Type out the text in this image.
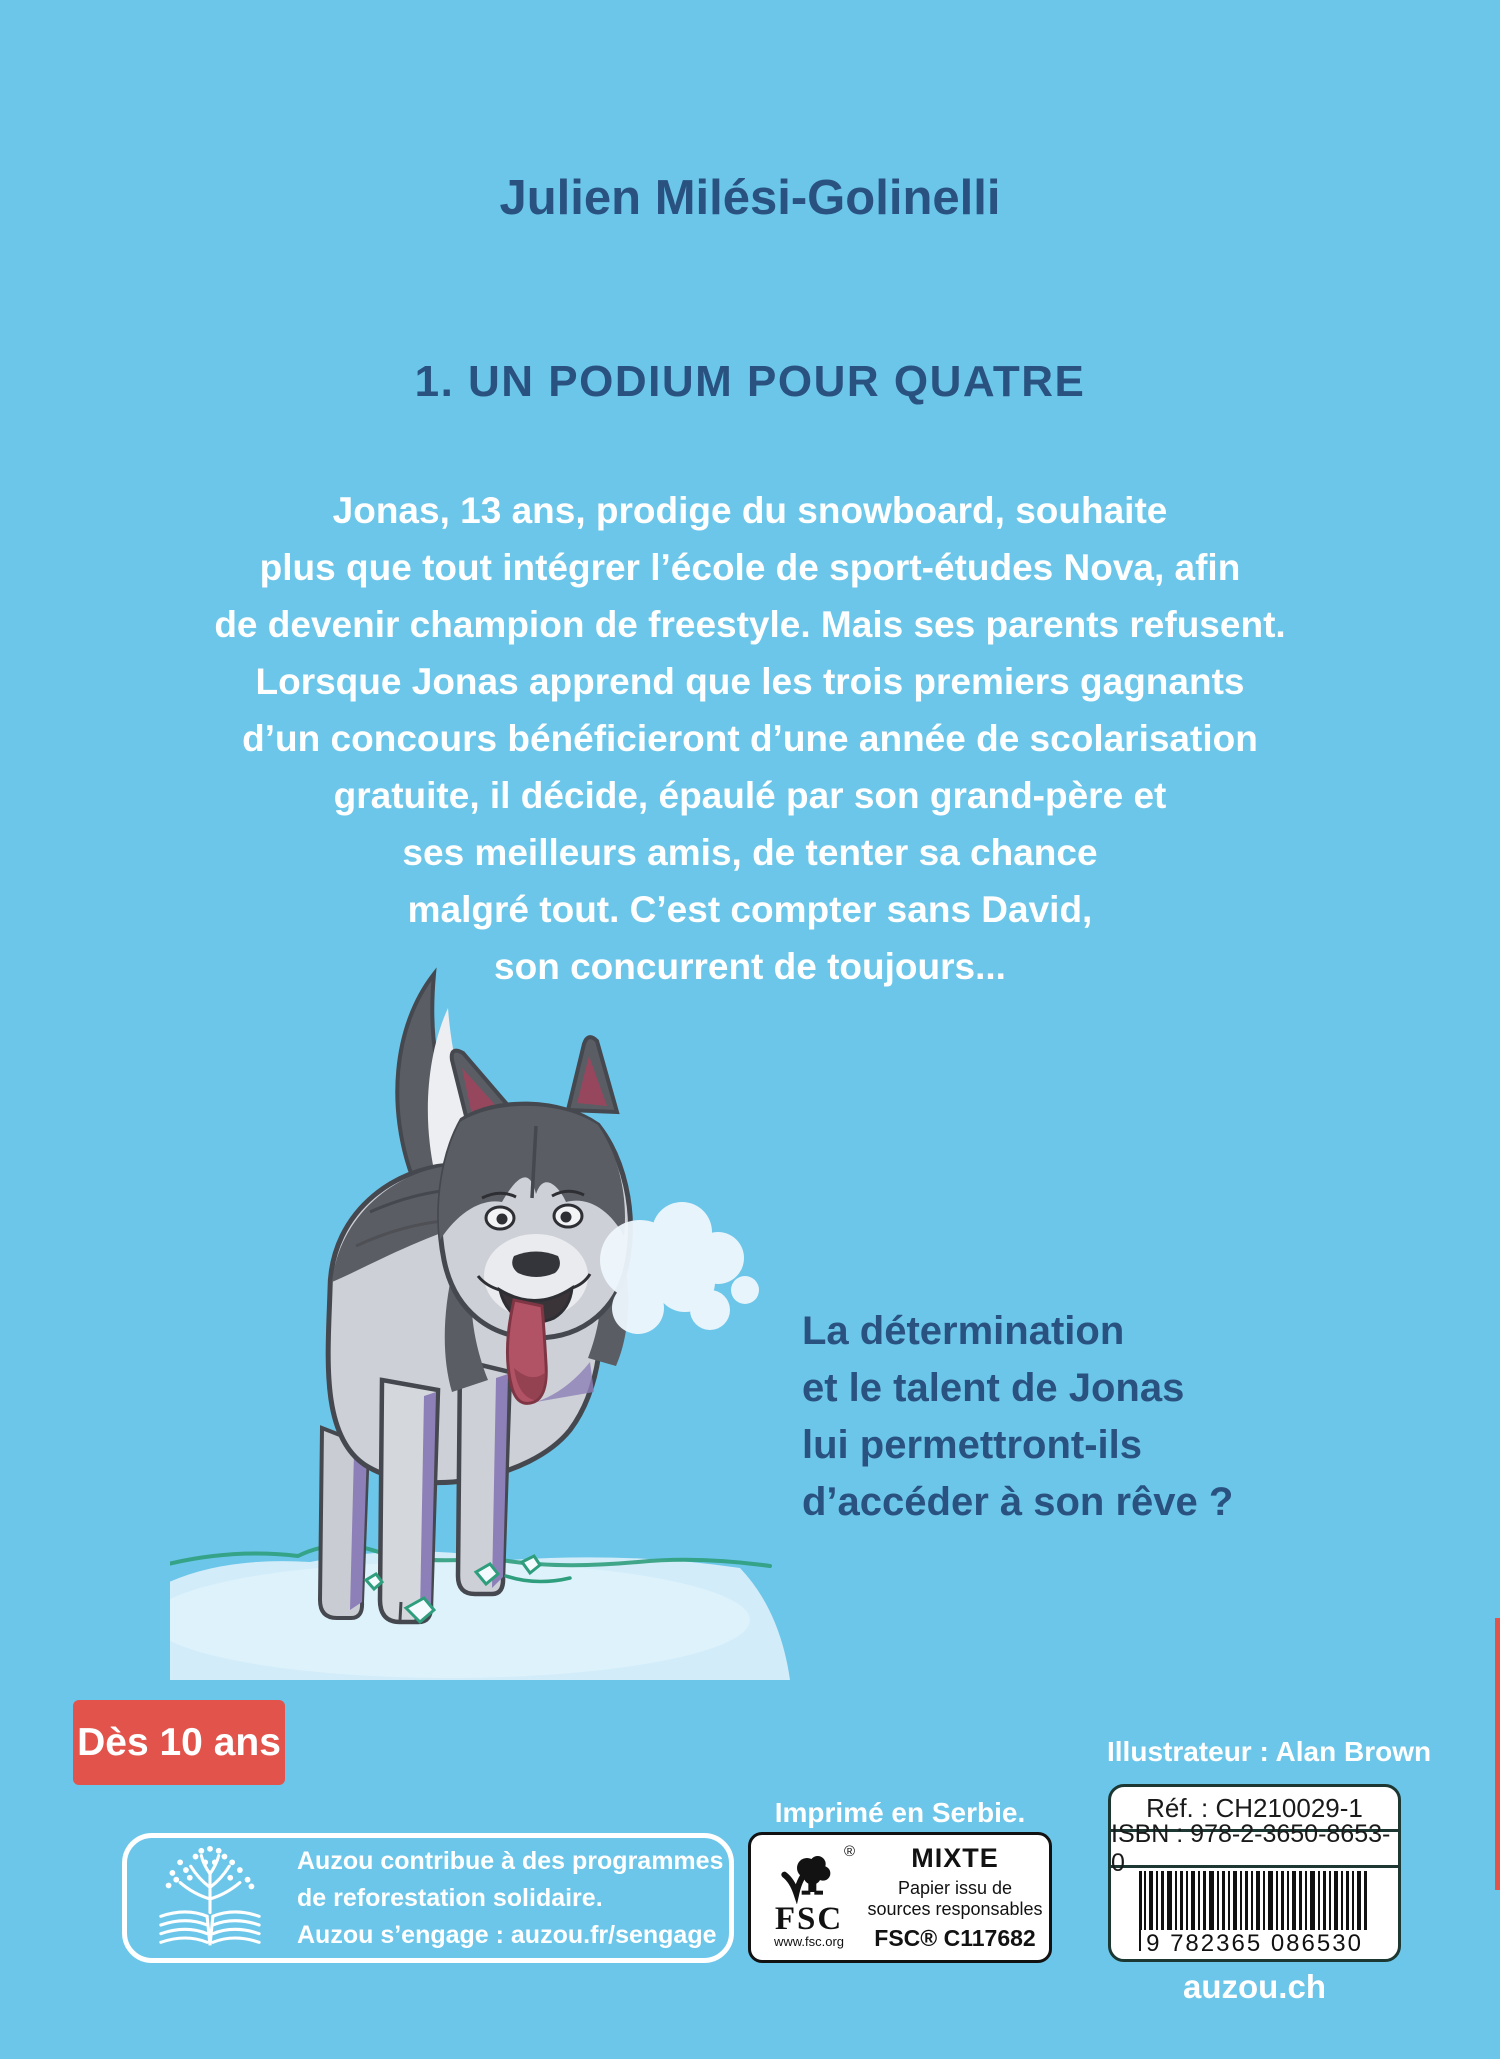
Julien Milési-Golinelli
1. UN PODIUM POUR QUATRE
Jonas, 13 ans, prodige du snowboard, souhaite
plus que tout intégrer l’école de sport-études Nova, afin
de devenir champion de freestyle. Mais ses parents refusent.
Lorsque Jonas apprend que les trois premiers gagnants
d’un concours bénéficieront d’une année de scolarisation
gratuite, il décide, épaulé par son grand-père et
ses meilleurs amis, de tenter sa chance
malgré tout. C’est compter sans David,
son concurrent de toujours...
La détermination
et le talent de Jonas
lui permettront-ils
d’accéder à son rêve ?
Dès 10 ans
Auzou contribue à des programmes
de reforestation solidaire.
Auzou s’engage : auzou.fr/sengage
Imprimé en Serbie.
®
FSC
www.fsc.org
MIXTE
Papier issu de
sources responsables
FSC® C117682
Illustrateur : Alan Brown
Réf. : CH210029-1
ISBN : 978-2-3650-8653-0
9 782365 086530
auzou.ch
